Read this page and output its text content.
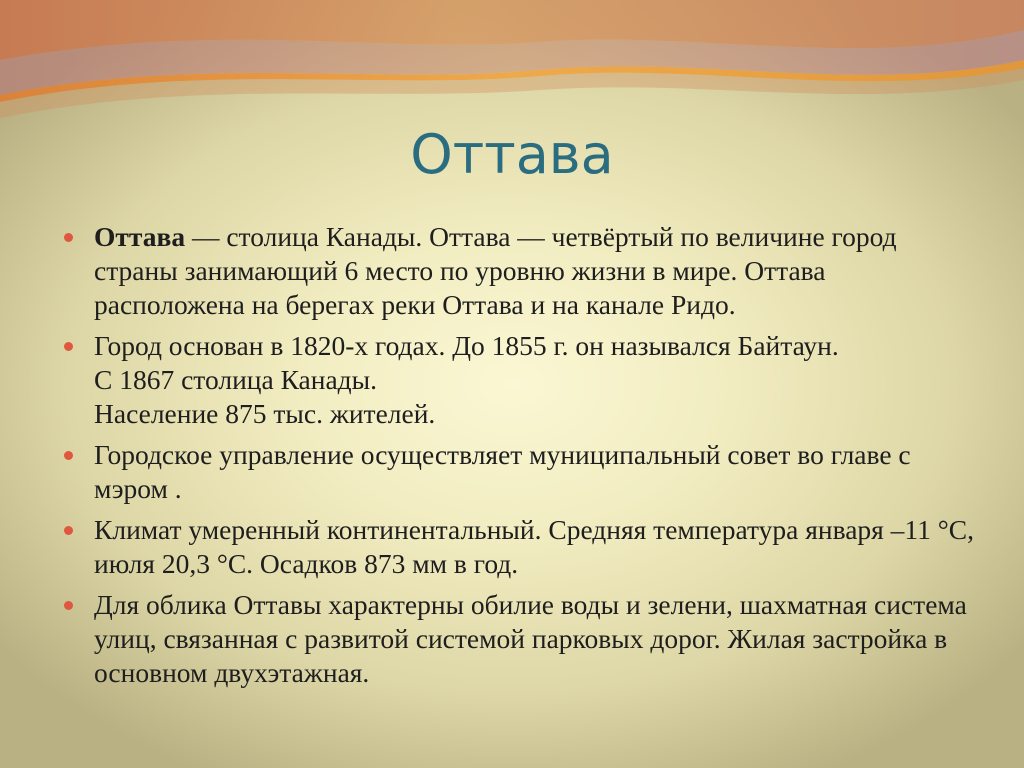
Оттава
Оттава — столица Канады. Оттава — четвёртый по величине город страны занимающий 6 место по уровню жизни в мире. Оттава расположена на берегах реки Оттава и на канале Ридо.
Город основан в 1820-х годах. До 1855 г. он назывался Байтаун.
С 1867 столица Канады.
Население 875 тыс. жителей.
Городское управление осуществляет муниципальный совет во главе с мэром .
Климат умеренный континентальный. Средняя температура января –11 °C, июля 20,3 °C. Осадков 873 мм в год.
Для облика Оттавы характерны обилие воды и зелени, шахматная система улиц, связанная с развитой системой парковых дорог. Жилая застройка в основном двухэтажная.
